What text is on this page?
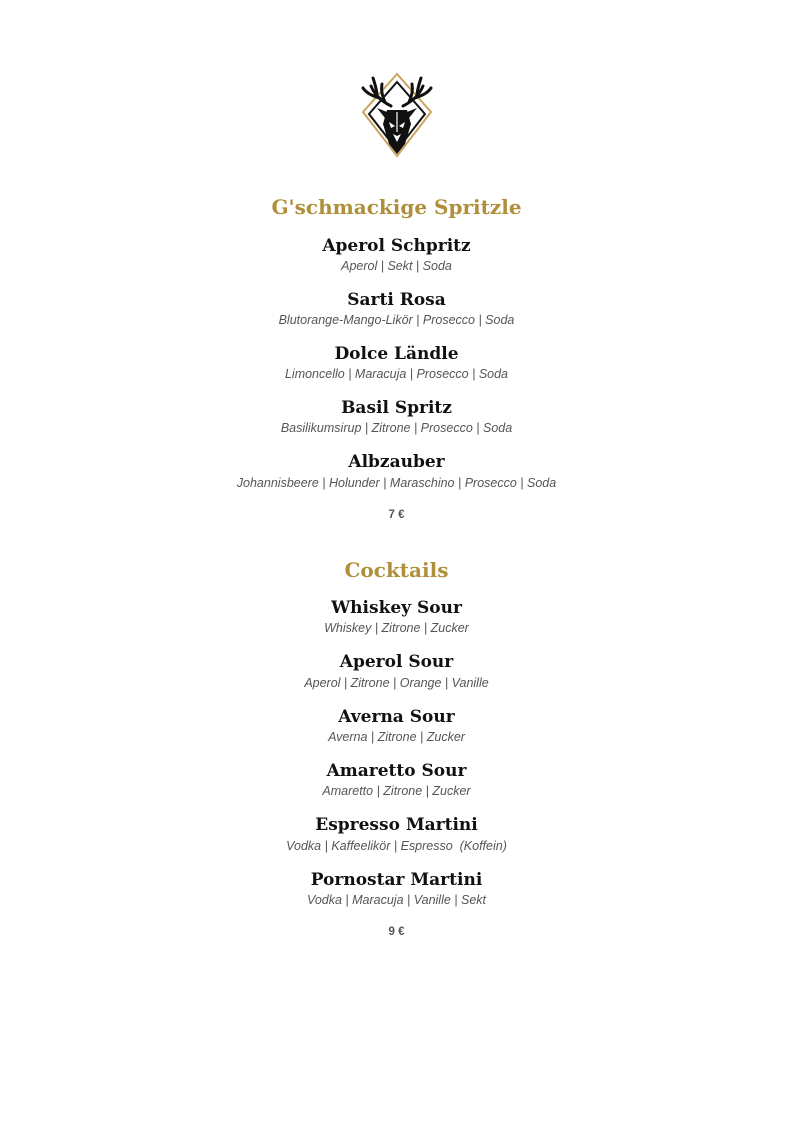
G'schmackige Spritzle
Aperol Schpritz
Aperol | Sekt | Soda
Sarti Rosa
Blutorange-Mango-Likör | Prosecco | Soda
Dolce Ländle
Limoncello | Maracuja | Prosecco | Soda
Basil Spritz
Basilikumsirup | Zitrone | Prosecco | Soda
Albzauber
Johannisbeere | Holunder | Maraschino | Prosecco | Soda
7 €
Cocktails
Whiskey Sour
Whiskey | Zitrone | Zucker
Aperol Sour
Aperol | Zitrone | Orange | Vanille
Averna Sour
Averna | Zitrone | Zucker
Amaretto Sour
Amaretto | Zitrone | Zucker
Espresso Martini
Vodka | Kaffeelikör | Espresso  (Koffein)
Pornostar Martini
Vodka | Maracuja | Vanille | Sekt
9 €
